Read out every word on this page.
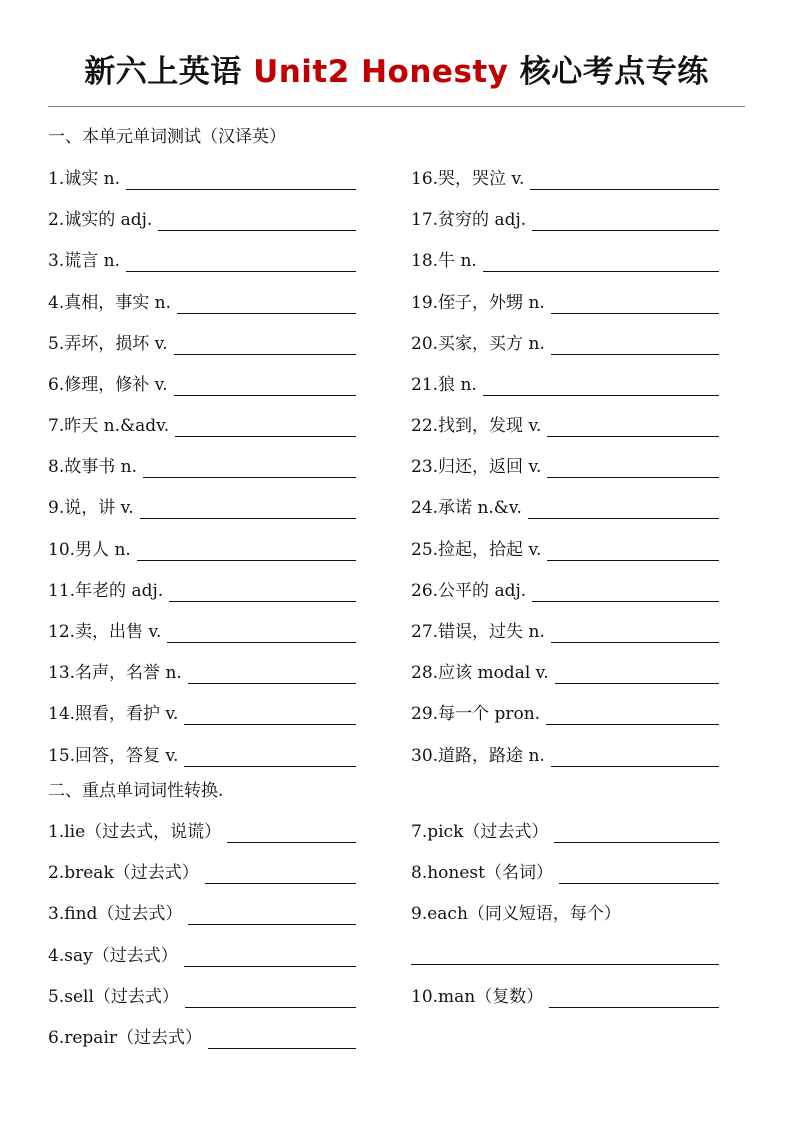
新六上英语 Unit2 Honesty 核心考点专练
一、本单元单词测试（汉译英）
1. 诚实 n.
2. 诚实的 adj.
3. 谎言 n.
4. 真相，事实 n.
5. 弄坏，损坏 v.
6. 修理，修补 v.
7. 昨天 n.&adv.
8. 故事书 n.
9. 说，讲 v.
10. 男人 n.
11. 年老的 adj.
12. 卖，出售 v.
13. 名声，名誉 n.
14. 照看，看护 v.
15. 回答，答复 v.
16. 哭，哭泣 v.
17. 贫穷的 adj.
18. 牛 n.
19. 侄子，外甥 n.
20. 买家，买方 n.
21. 狼 n.
22. 找到，发现 v.
23. 归还，返回 v.
24. 承诺 n.&v.
25. 捡起，拾起 v.
26. 公平的 adj.
27. 错误，过失 n.
28. 应该 modal v.
29. 每一个 pron.
30. 道路，路途 n.
二、重点单词词性转换.
1. lie（过去式，说谎）
2. break（过去式）
3. find（过去式）
4. say（过去式）
5. sell（过去式）
6. repair（过去式）
7. pick（过去式）
8. honest（名词）
9. each（同义短语，每个）
10. man（复数）
